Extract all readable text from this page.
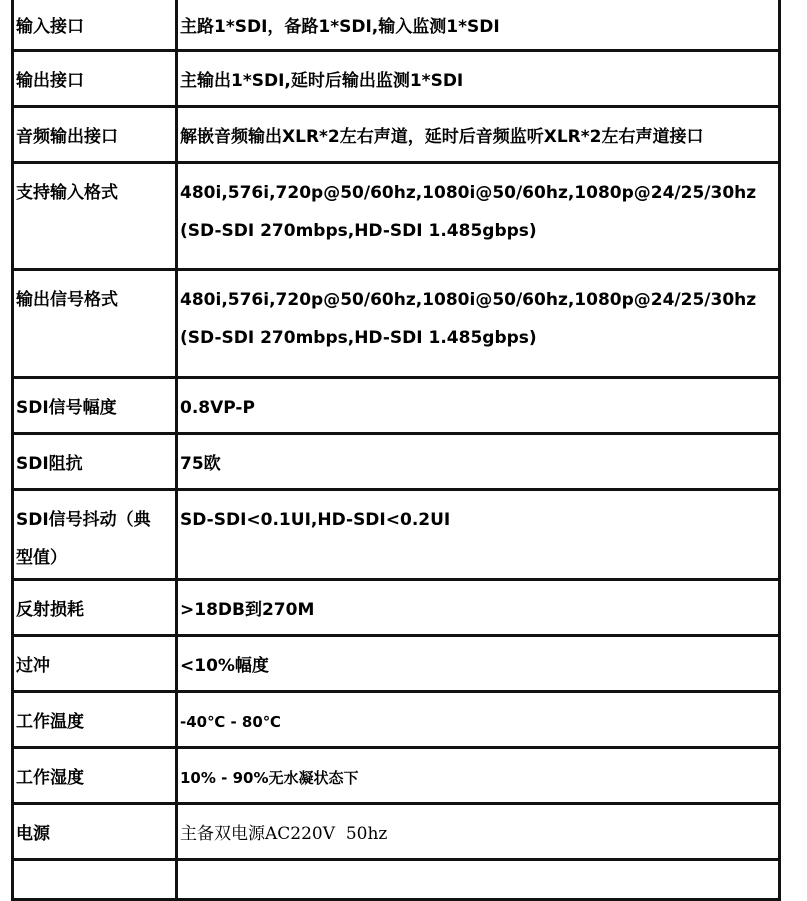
输入接口	主路1*SDI，备路1*SDI,输入监测1*SDI

输出接口	主输出1*SDI,延时后输出监测1*SDI

音频输出接口	解嵌音频输出XLR*2左右声道，延时后音频监听XLR*2左右声道接口

支持输入格式	480i,576i,720p@50/60hz,1080i@50/60hz,1080p@24/25/30hz
(SD-SDI 270mbps,HD-SDI 1.485gbps)

输出信号格式	480i,576i,720p@50/60hz,1080i@50/60hz,1080p@24/25/30hz
(SD-SDI 270mbps,HD-SDI 1.485gbps)

SDI信号幅度	0.8VP-P

SDI阻抗	75欧

SDI信号抖动（典
型值）	SD-SDI<0.1UI,HD-SDI<0.2UI

反射损耗	>18DB到270M

过冲	<10%幅度

工作温度	-40℃ - 80℃

工作湿度	10% - 90%无水凝状态下

电源	主备双电源AC220V  50hz
